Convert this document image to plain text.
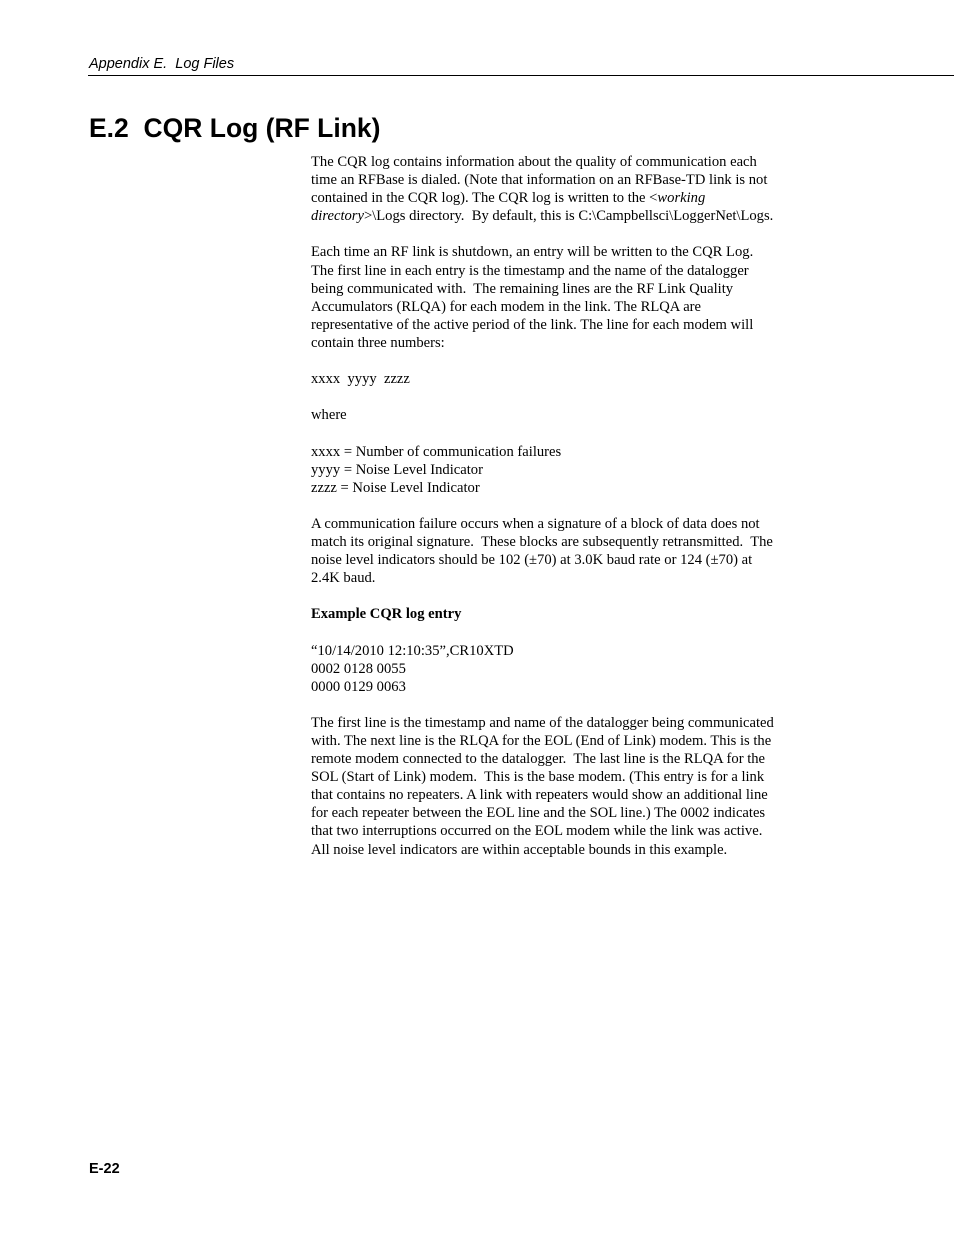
Appendix E.  Log Files
E.2  CQR Log (RF Link)

The CQR log contains information about the quality of communication each
time an RFBase is dialed. (Note that information on an RFBase-TD link is not
contained in the CQR log). The CQR log is written to the <working
directory>\Logs directory.  By default, this is C:\Campbellsci\LoggerNet\Logs.

Each time an RF link is shutdown, an entry will be written to the CQR Log.
The first line in each entry is the timestamp and the name of the datalogger
being communicated with.  The remaining lines are the RF Link Quality
Accumulators (RLQA) for each modem in the link. The RLQA are
representative of the active period of the link. The line for each modem will
contain three numbers:

xxxx  yyyy  zzzz

where

xxxx = Number of communication failures
yyyy = Noise Level Indicator
zzzz = Noise Level Indicator

A communication failure occurs when a signature of a block of data does not
match its original signature.  These blocks are subsequently retransmitted.  The
noise level indicators should be 102 (±70) at 3.0K baud rate or 124 (±70) at
2.4K baud.

Example CQR log entry

“10/14/2010 12:10:35”,CR10XTD
0002 0128 0055
0000 0129 0063

The first line is the timestamp and name of the datalogger being communicated
with. The next line is the RLQA for the EOL (End of Link) modem. This is the
remote modem connected to the datalogger.  The last line is the RLQA for the
SOL (Start of Link) modem.  This is the base modem. (This entry is for a link
that contains no repeaters. A link with repeaters would show an additional line
for each repeater between the EOL line and the SOL line.) The 0002 indicates
that two interruptions occurred on the EOL modem while the link was active.
All noise level indicators are within acceptable bounds in this example.

E-22
